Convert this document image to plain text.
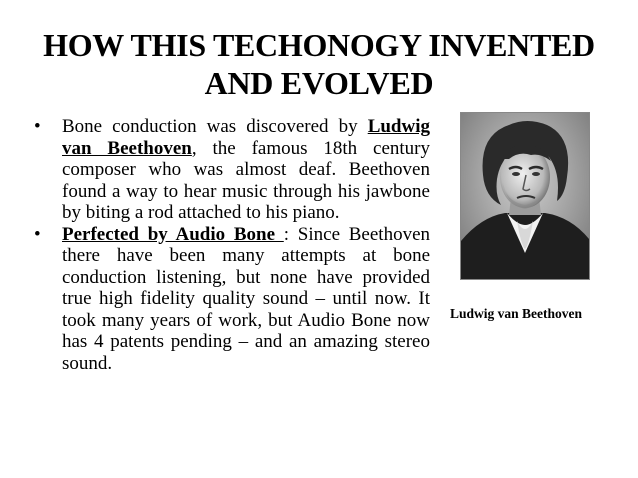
HOW THIS TECHONOGY INVENTED
AND EVOLVED
• Bone conduction was discovered by Ludwig van Beethoven, the famous 18th century composer who was almost deaf. Beethoven found a way to hear music through his jawbone by biting a rod attached to his piano.
• Perfected by Audio Bone : Since Beethoven there have been many attempts at bone conduction listening, but none have provided true high fidelity quality sound – until now. It took many years of work, but Audio Bone now has 4 patents pending – and an amazing stereo sound.
Ludwig van Beethoven
